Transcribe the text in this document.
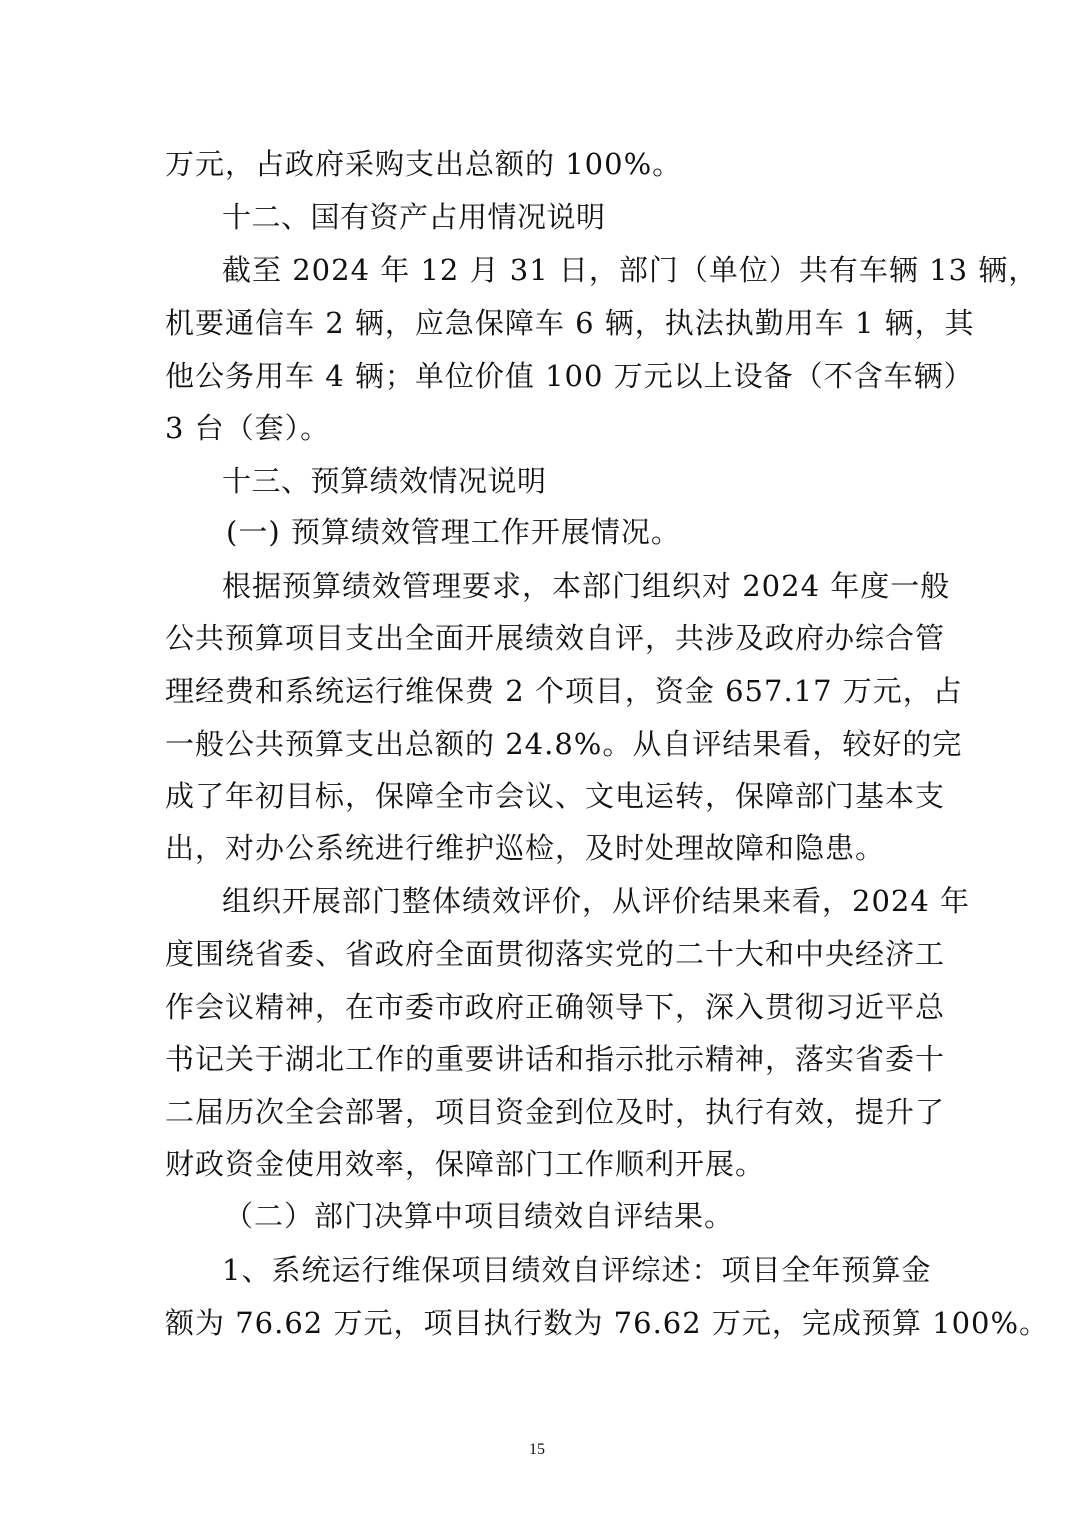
万元，占政府采购支出总额的 100%。
十二、国有资产占用情况说明
截至 2024 年 12 月 31 日，部门（单位）共有车辆 13 辆，
机要通信车 2 辆，应急保障车 6 辆，执法执勤用车 1 辆，其
他公务用车 4 辆；单位价值 100 万元以上设备（不含车辆）
3 台（套）。
十三、预算绩效情况说明
(一) 预算绩效管理工作开展情况。
根据预算绩效管理要求，本部门组织对 2024 年度一般
公共预算项目支出全面开展绩效自评，共涉及政府办综合管
理经费和系统运行维保费 2 个项目，资金 657.17 万元，占
一般公共预算支出总额的 24.8%。从自评结果看，较好的完
成了年初目标，保障全市会议、文电运转，保障部门基本支
出，对办公系统进行维护巡检，及时处理故障和隐患。
组织开展部门整体绩效评价，从评价结果来看，2024 年
度围绕省委、省政府全面贯彻落实党的二十大和中央经济工
作会议精神，在市委市政府正确领导下，深入贯彻习近平总
书记关于湖北工作的重要讲话和指示批示精神，落实省委十
二届历次全会部署，项目资金到位及时，执行有效，提升了
财政资金使用效率，保障部门工作顺利开展。
（二）部门决算中项目绩效自评结果。
1、系统运行维保项目绩效自评综述：项目全年预算金
额为 76.62 万元，项目执行数为 76.62 万元，完成预算 100%。
15
